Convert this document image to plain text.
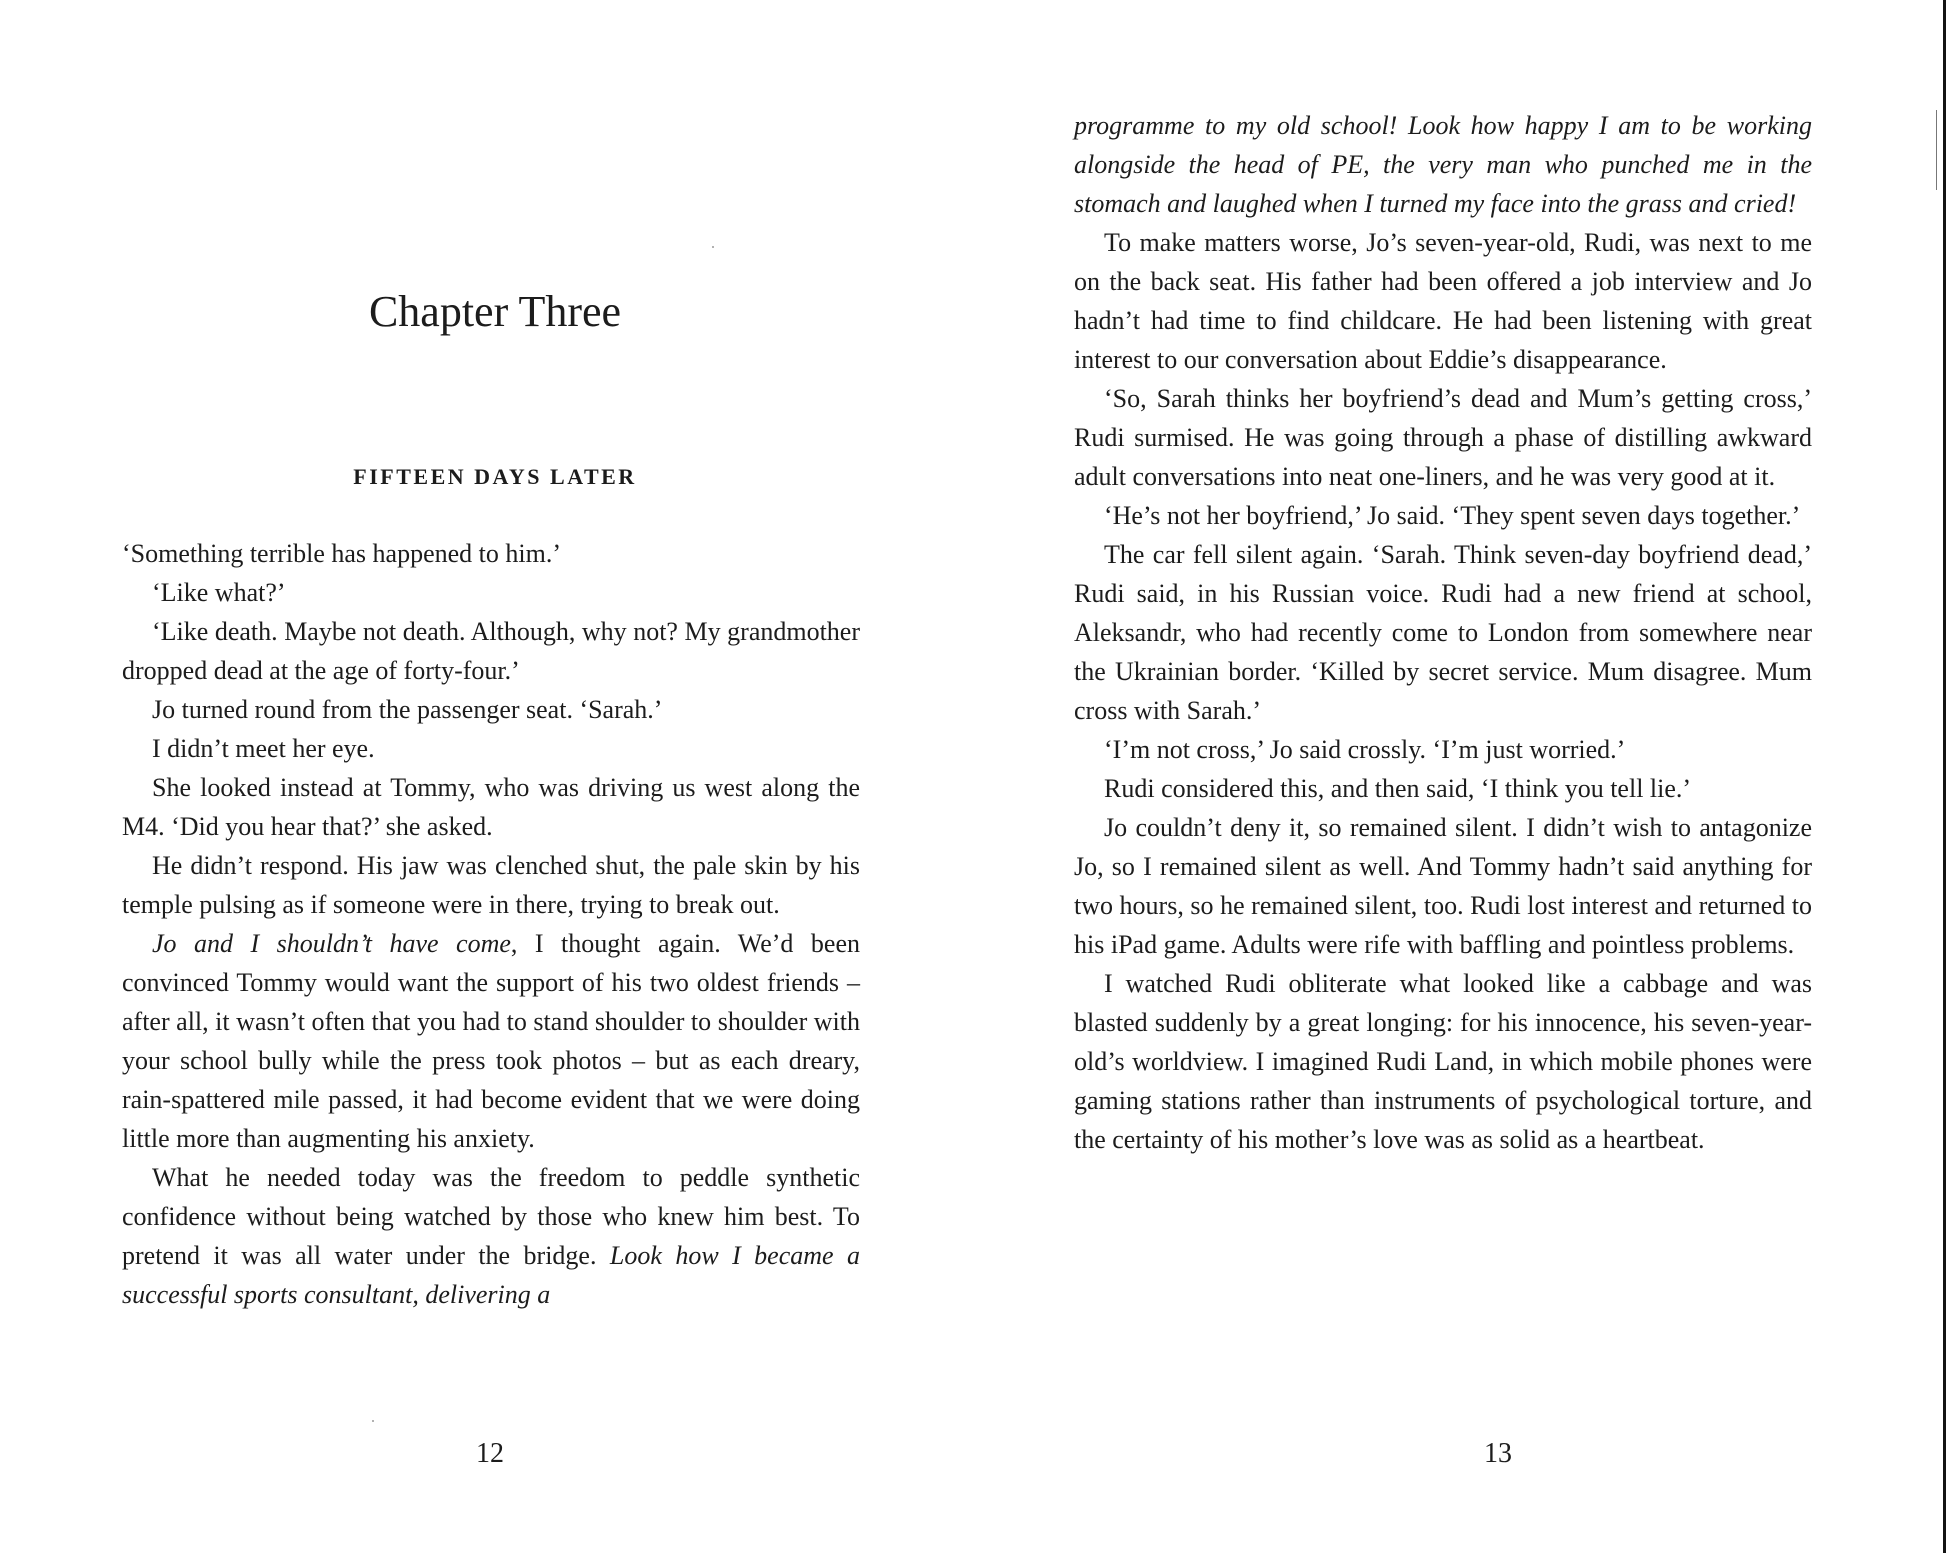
Chapter Three
FIFTEEN DAYS LATER

‘Something terrible has happened to him.’

‘Like what?’

‘Like death. Maybe not death. Although, why not? My grandmother dropped dead at the age of forty-four.’

Jo turned round from the passenger seat. ‘Sarah.’

I didn’t meet her eye.

She looked instead at Tommy, who was driving us west along the M4. ‘Did you hear that?’ she asked.

He didn’t respond. His jaw was clenched shut, the pale skin by his temple pulsing as if someone were in there, trying to break out.

Jo and I shouldn’t have come, I thought again. We’d been convinced Tommy would want the support of his two oldest friends – after all, it wasn’t often that you had to stand shoulder to shoulder with your school bully while the press took photos – but as each dreary, rain-spattered mile passed, it had become evident that we were doing little more than augmenting his anxiety.

What he needed today was the freedom to peddle synthetic confidence without being watched by those who knew him best. To pretend it was all water under the bridge. Look how I became a successful sports consultant, delivering a

12

programme to my old school! Look how happy I am to be working alongside the head of PE, the very man who punched me in the stomach and laughed when I turned my face into the grass and cried!

To make matters worse, Jo’s seven-year-old, Rudi, was next to me on the back seat. His father had been offered a job interview and Jo hadn’t had time to find childcare. He had been listening with great interest to our conversation about Eddie’s disappearance.

‘So, Sarah thinks her boyfriend’s dead and Mum’s getting cross,’ Rudi surmised. He was going through a phase of distilling awkward adult conversations into neat one-liners, and he was very good at it.

‘He’s not her boyfriend,’ Jo said. ‘They spent seven days together.’

The car fell silent again. ‘Sarah. Think seven-day boyfriend dead,’ Rudi said, in his Russian voice. Rudi had a new friend at school, Aleksandr, who had recently come to London from somewhere near the Ukrainian border. ‘Killed by secret service. Mum disagree. Mum cross with Sarah.’

‘I’m not cross,’ Jo said crossly. ‘I’m just worried.’

Rudi considered this, and then said, ‘I think you tell lie.’

Jo couldn’t deny it, so remained silent. I didn’t wish to antagonize Jo, so I remained silent as well. And Tommy hadn’t said anything for two hours, so he remained silent, too. Rudi lost interest and returned to his iPad game. Adults were rife with baffling and pointless problems.

I watched Rudi obliterate what looked like a cabbage and was blasted suddenly by a great longing: for his innocence, his seven-year-old’s worldview. I imagined Rudi Land, in which mobile phones were gaming stations rather than instruments of psychological torture, and the certainty of his mother’s love was as solid as a heartbeat.

13
